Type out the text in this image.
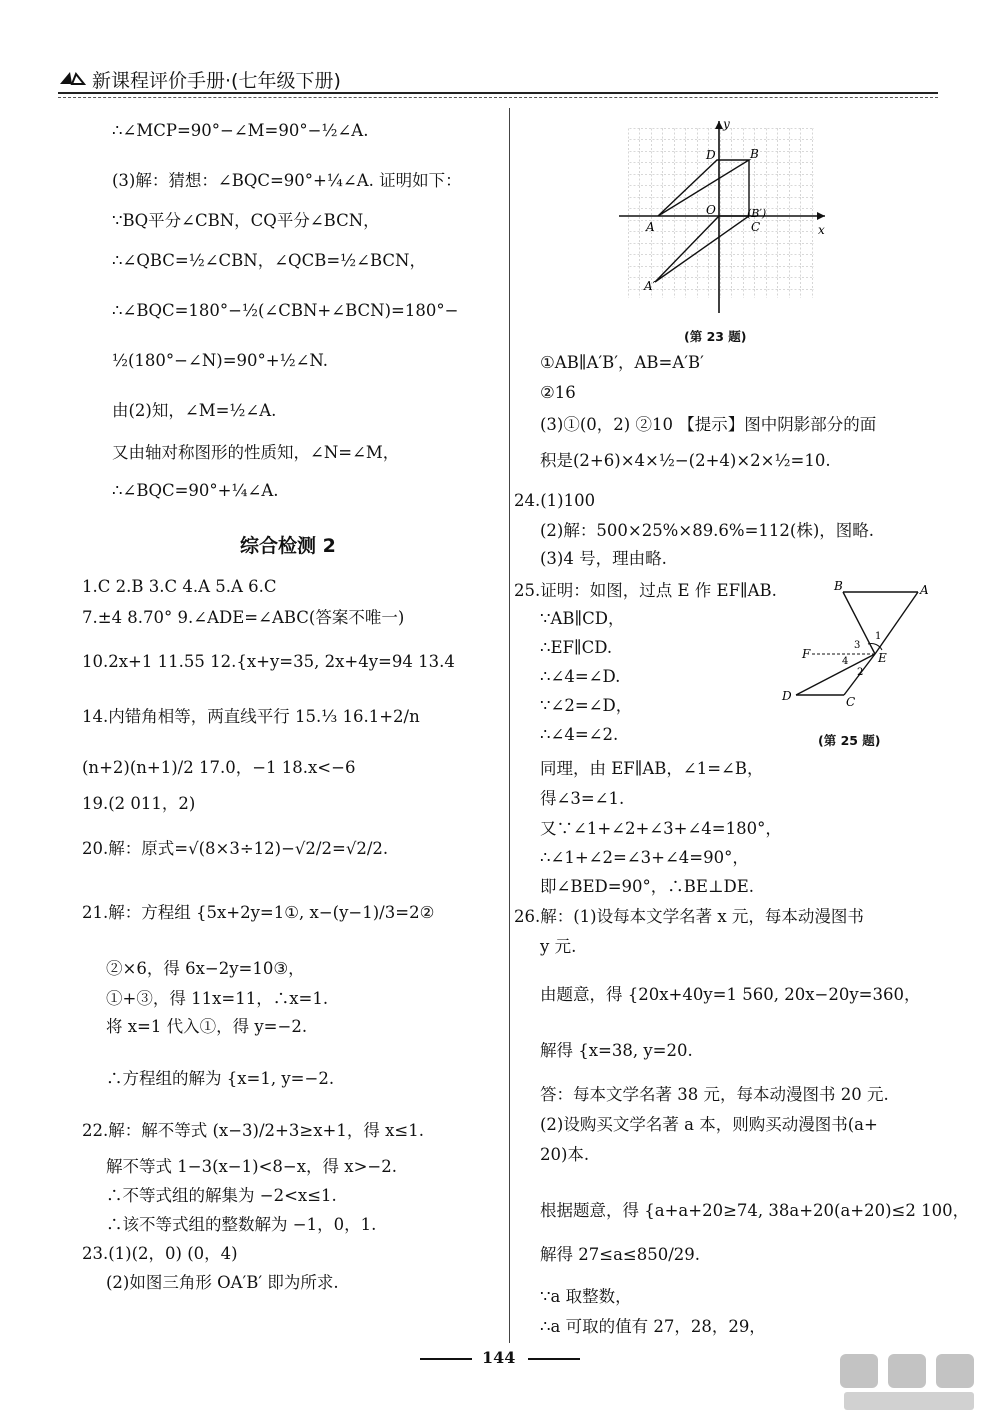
新课程评价手册·(七年级下册)
∴∠MCP=90°−∠M=90°−½∠A.
(3)解：猜想：∠BQC=90°+¼∠A. 证明如下：
∵BQ平分∠CBN，CQ平分∠BCN，
∴∠QBC=½∠CBN，∠QCB=½∠BCN，
∴∠BQC=180°−½(∠CBN+∠BCN)=180°−
½(180°−∠N)=90°+½∠N.
由(2)知，∠M=½∠A.
又由轴对称图形的性质知，∠N=∠M，
∴∠BQC=90°+¼∠A.
综合检测 2
1.C 2.B 3.C 4.A 5.A 6.C
7.±4 8.70° 9.∠ADE=∠ABC(答案不唯一)
10.2x+1 11.55 12.{x+y=35, 2x+4y=94 13.4
14.内错角相等，两直线平行 15.⅓ 16.1+2/n
(n+2)(n+1)/2 17.0，−1 18.x<−6
19.(2 011，2)
20.解：原式=√(8×3÷12)−√2/2=√2/2.
21.解：方程组 {5x+2y=1①, x−(y−1)/3=2②
②×6，得 6x−2y=10③，
①+③，得 11x=11，∴x=1.
将 x=1 代入①，得 y=−2.
∴方程组的解为 {x=1, y=−2.
22.解：解不等式 (x−3)/2+3≥x+1，得 x≤1.
解不等式 1−3(x−1)<8−x，得 x>−2.
∴不等式组的解集为 −2<x≤1.
∴该不等式组的整数解为 −1，0，1.
23.(1)(2，0) (0，4)
(2)如图三角形 OA′B′ 即为所求.
y
x
D	B
O	(B′)
A	C
A′
(第 23 题)
①AB∥A′B′，AB=A′B′
②16
(3)①(0，2) ②10 【提示】图中阴影部分的面
积是(2+6)×4×½−(2+4)×2×½=10.
24.(1)100
(2)解：500×25%×89.6%=112(株)，图略.
(3)4 号，理由略.
B	A
F	E
D	C
1
3
4
2
(第 25 题)
25.证明：如图，过点 E 作 EF∥AB.
∵AB∥CD，
∴EF∥CD.
∴∠4=∠D.
∵∠2=∠D，
∴∠4=∠2.
同理，由 EF∥AB，∠1=∠B，
得∠3=∠1.
又∵∠1+∠2+∠3+∠4=180°，
∴∠1+∠2=∠3+∠4=90°，
即∠BED=90°，∴BE⊥DE.
26.解：(1)设每本文学名著 x 元，每本动漫图书
y 元.
由题意，得 {20x+40y=1 560, 20x−20y=360，
解得 {x=38, y=20.
答：每本文学名著 38 元，每本动漫图书 20 元.
(2)设购买文学名著 a 本，则购买动漫图书(a+
20)本.
根据题意，得 {a+a+20≥74, 38a+20(a+20)≤2 100，
解得 27≤a≤850/29.
∵a 取整数，
∴a 可取的值有 27，28，29，
144
